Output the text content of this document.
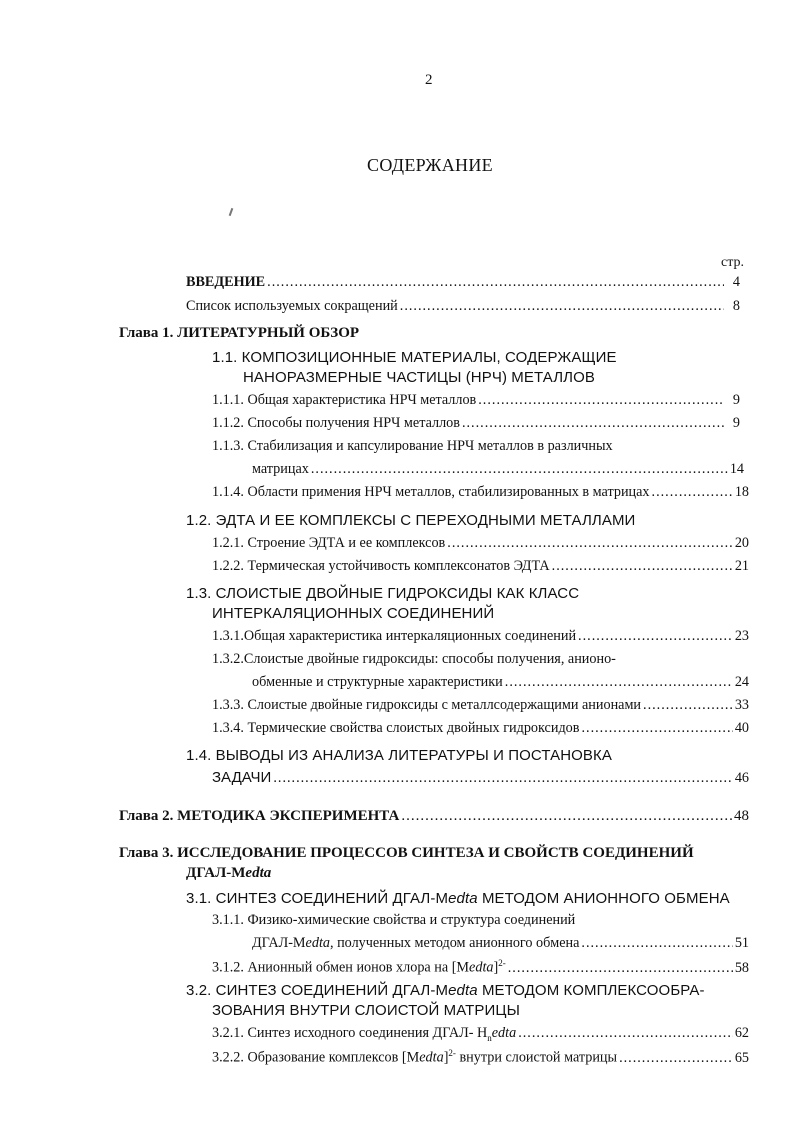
2
СОДЕРЖАНИЕ
стр.
ВВЕДЕНИЕ .....	4
Список используемых сокращений .....	8
Глава 1. ЛИТЕРАТУРНЫЙ ОБЗОР
1.1. КОМПОЗИЦИОННЫЕ МАТЕРИАЛЫ, СОДЕРЖАЩИЕ
НАНОРАЗМЕРНЫЕ ЧАСТИЦЫ (НРЧ) МЕТАЛЛОВ
1.1.1. Общая характеристика НРЧ металлов .....	9
1.1.2. Способы получения НРЧ металлов .....	9
1.1.3. Стабилизация и капсулирование НРЧ металлов в различных
матрицах .....	14
1.1.4. Области примения НРЧ металлов, стабилизированных в матрицах .....	18
1.2. ЭДТА И ЕЕ КОМПЛЕКСЫ С ПЕРЕХОДНЫМИ МЕТАЛЛАМИ
1.2.1. Строение ЭДТА и ее комплексов .....	20
1.2.2. Термическая устойчивость комплексонатов ЭДТА .....	21
1.3. СЛОИСТЫЕ ДВОЙНЫЕ ГИДРОКСИДЫ КАК КЛАСС
ИНТЕРКАЛЯЦИОННЫХ СОЕДИНЕНИЙ
1.3.1.Общая характеристика интеркаляционных соединений .....	23
1.3.2.Слоистые двойные гидроксиды: способы получения, анионо-
обменные и структурные характеристики .....	24
1.3.3. Слоистые двойные гидроксиды с металлсодержащими анионами .....	33
1.3.4. Термические свойства слоистых двойных гидроксидов .....	40
1.4. ВЫВОДЫ ИЗ АНАЛИЗА ЛИТЕРАТУРЫ И ПОСТАНОВКА
ЗАДАЧИ .....	46
Глава 2. МЕТОДИКА ЭКСПЕРИМЕНТА .....	48
Глава 3. ИССЛЕДОВАНИЕ ПРОЦЕССОВ СИНТЕЗА И СВОЙСТВ СОЕДИНЕНИЙ
ДГАЛ-Medta
3.1. СИНТЕЗ СОЕДИНЕНИЙ ДГАЛ-Medta МЕТОДОМ АНИОННОГО ОБМЕНА
3.1.1. Физико-химические свойства и структура соединений
ДГАЛ-Medta, полученных методом анионного обмена .....	51
3.1.2. Анионный обмен ионов хлора на [Medta]$^{2-}$ .....	58
3.2. СИНТЕЗ СОЕДИНЕНИЙ ДГАЛ-Medta МЕТОДОМ КОМПЛЕКСООБРА-
ЗОВАНИЯ ВНУТРИ СЛОИСТОЙ МАТРИЦЫ
3.2.1. Синтез исходного соединения ДГАЛ- $H_nedta$ .....	62
3.2.2. Образование комплексов [Medta]$^{2-}$ внутри слоистой матрицы .....	65
